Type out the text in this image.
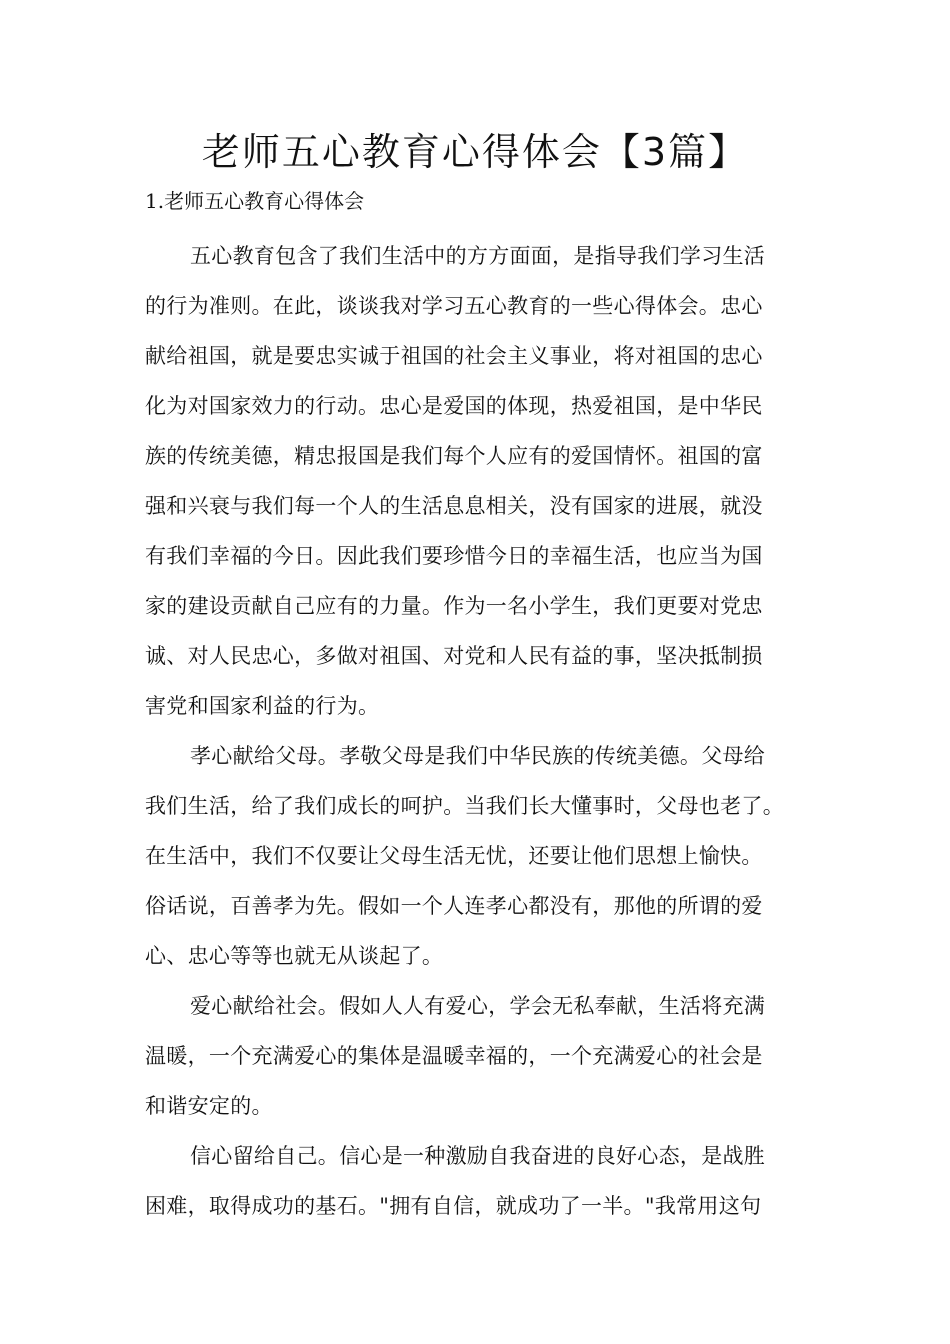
老师五心教育心得体会【3篇】

1.老师五心教育心得体会

五心教育包含了我们生活中的方方面面，是指导我们学习生活
的行为准则。在此，谈谈我对学习五心教育的一些心得体会。忠心
献给祖国，就是要忠实诚于祖国的社会主义事业，将对祖国的忠心
化为对国家效力的行动。忠心是爱国的体现，热爱祖国，是中华民
族的传统美德，精忠报国是我们每个人应有的爱国情怀。祖国的富
强和兴衰与我们每一个人的生活息息相关，没有国家的进展，就没
有我们幸福的今日。因此我们要珍惜今日的幸福生活，也应当为国
家的建设贡献自己应有的力量。作为一名小学生，我们更要对党忠
诚、对人民忠心，多做对祖国、对党和人民有益的事，坚决抵制损
害党和国家利益的行为。
孝心献给父母。孝敬父母是我们中华民族的传统美德。父母给
我们生活，给了我们成长的呵护。当我们长大懂事时，父母也老了。
在生活中，我们不仅要让父母生活无忧，还要让他们思想上愉快。
俗话说，百善孝为先。假如一个人连孝心都没有，那他的所谓的爱
心、忠心等等也就无从谈起了。
爱心献给社会。假如人人有爱心，学会无私奉献，生活将充满
温暖，一个充满爱心的集体是温暖幸福的，一个充满爱心的社会是
和谐安定的。
信心留给自己。信心是一种激励自我奋进的良好心态，是战胜
困难，取得成功的基石。"拥有自信，就成功了一半。"我常用这句
